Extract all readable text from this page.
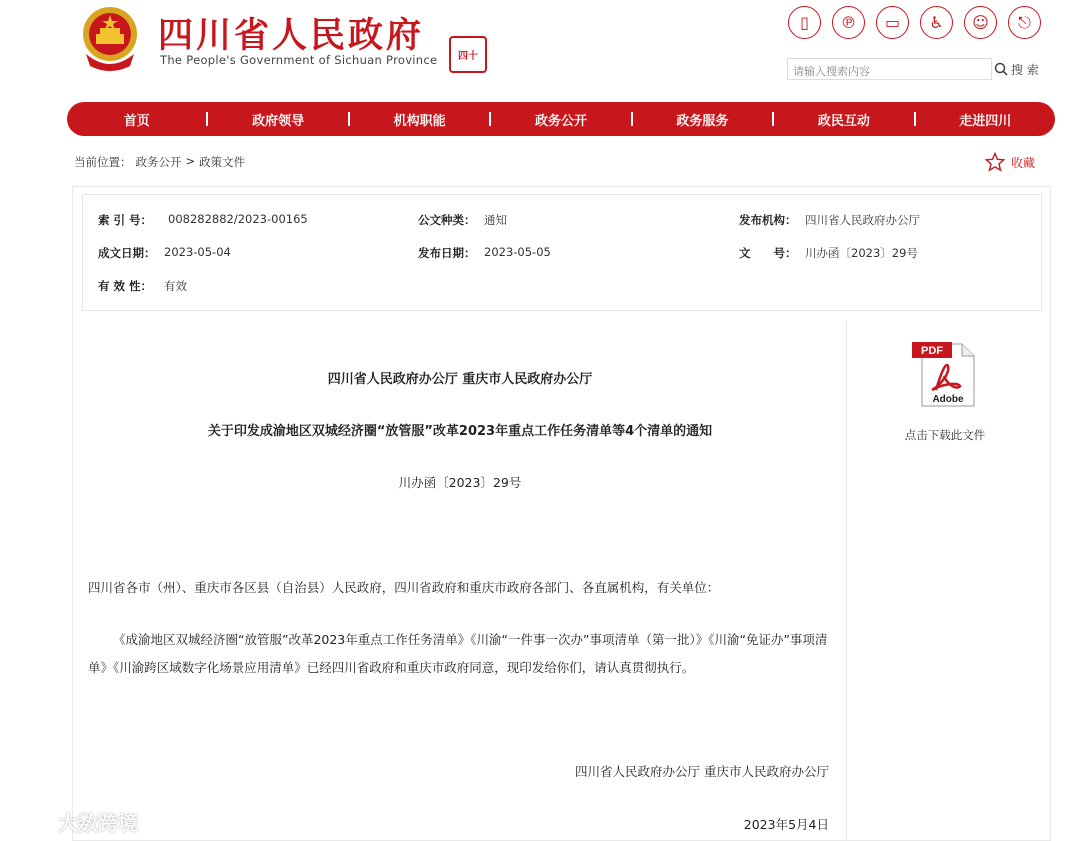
四川省人民政府
The People's Government of Sichuan Province 四十
▯	℗	▭	♿	☺	⎋
请输入搜索内容	搜 索
首页	政府领导	机构职能	政务公开	政务服务	政民互动	走进四川
当前位置： 政务公开 > 政策文件	收藏
索 引 号： 008282882/2023-00165	公文种类： 通知	发布机构： 四川省人民政府办公厅
成文日期： 2023-05-04	发布日期： 2023-05-05	文　　号： 川办函〔2023〕29号
有 效 性： 有效
四川省人民政府办公厅 重庆市人民政府办公厅
关于印发成渝地区双城经济圈“放管服”改革2023年重点工作任务清单等4个清单的通知
川办函〔2023〕29号
四川省各市（州）、重庆市各区县（自治县）人民政府，四川省政府和重庆市政府各部门、各直属机构，有关单位：
《成渝地区双城经济圈“放管服”改革2023年重点工作任务清单》《川渝“一件事一次办”事项清单（第一批）》《川渝“免证办”事项清单》《川渝跨区域数字化场景应用清单》已经四川省政府和重庆市政府同意，现印发给你们，请认真贯彻执行。
四川省人民政府办公厅 重庆市人民政府办公厅
2023年5月4日
PDF
Adobe
点击下载此文件
大数跨境
